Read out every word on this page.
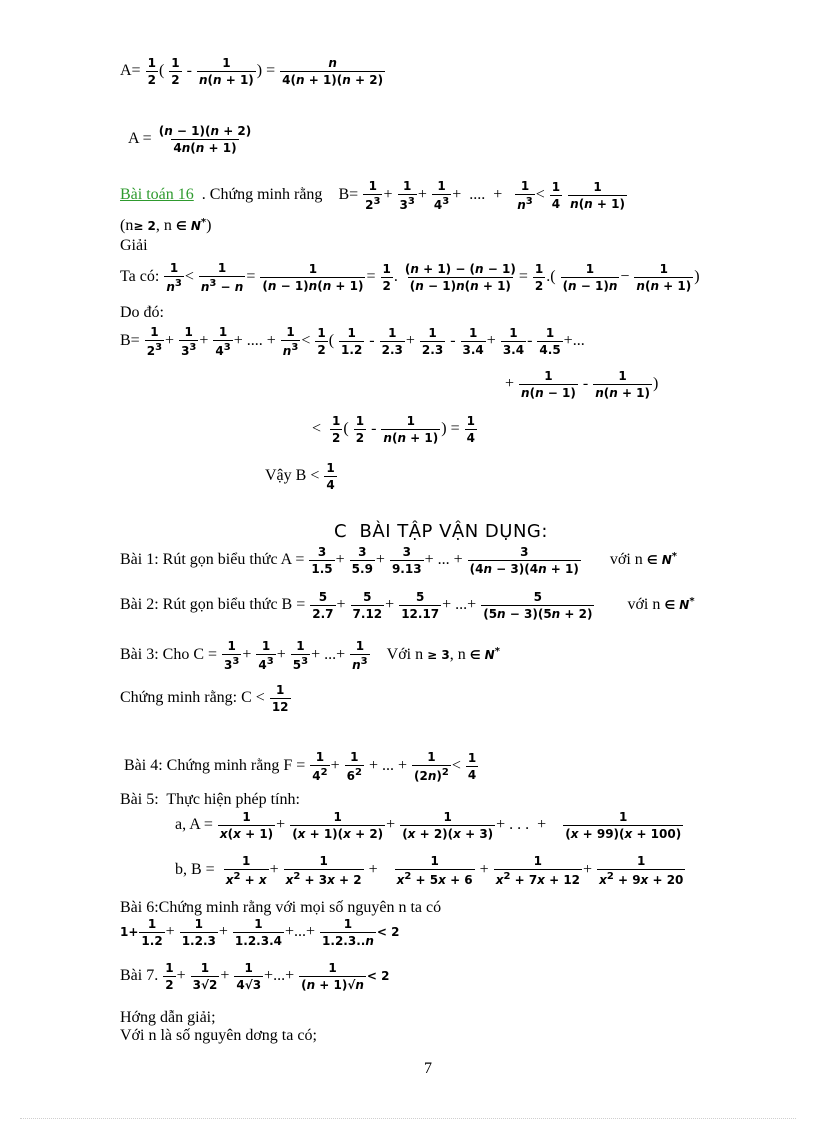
$A= \frac{1}{2}$ ( $\frac{1}{2} - \frac{1}{n(n + 1)}$ ) = $\frac{n}{4(n + 1)(n + 2)}$
$A = \frac{(n - 1)(n + 2)}{4n(n + 1)}$
Bài toán 16 . Chứng minh rằng $B= \frac{1}{2^3} + \frac{1}{3^3} + \frac{1}{4^3}$ +  ....  + $\frac{1}{n^3} < \frac{1}{4}$
$\frac{1}{n(n + 1)}$
(n≥ 2, n ∈ N*)
Giải
Ta có: $\frac{1}{n^3} < \frac{1}{n^3 - n} = \frac{1}{(n - 1)n(n + 1)} = \frac{1}{2}$ . $\frac{(n + 1) - (n - 1)}{(n - 1)n(n + 1)} = \frac{1}{2}$ .( $\frac{1}{(n - 1)n} - \frac{1}{n(n + 1)}$ )
Do đó:
$B= \frac{1}{2^3} + \frac{1}{3^3} + \frac{1}{4^3}$ + .... + $\frac{1}{n^3} < \frac{1}{2}$ ( $\frac{1}{1.2} - \frac{1}{2.3} + \frac{1}{2.3} - \frac{1}{3.4} + \frac{1}{3.4} - \frac{1}{4.5}$ +...
+ $\frac{1}{n(n - 1)} - \frac{1}{n(n + 1)}$ )
< $\frac{1}{2}$ ( $\frac{1}{2} - \frac{1}{n(n + 1)}$ ) = $\frac{1}{4}$
Vậy $B < \frac{1}{4}$
C BÀI TẬP VẬN DỤNG:
Bài 1: Rút gọn biểu thức $A = \frac{3}{1.5} + \frac{3}{5.9} + \frac{3}{9.13}$ + ... + $\frac{3}{(4n - 3)(4n + 1)}$ với n ∈ N*
Bài 2: Rút gọn biểu thức $B = \frac{5}{2.7} + \frac{5}{7.12} + \frac{5}{12.17}$ + ...+ $\frac{5}{(5n - 3)(5n + 2)}$ với n ∈ N*
Bài 3: Cho $C = \frac{1}{3^3} + \frac{1}{4^3} + \frac{1}{5^3}$ + ...+ $\frac{1}{n^3}$ Với n ≥ 3, n ∈ N*
Chứng minh rằng: $C < \frac{1}{12}$
Bài 4: Chứng minh rằng $F = \frac{1}{4^2} + \frac{1}{6^2}$ + ... + $\frac{1}{(2n)^2} < \frac{1}{4}$
Bài 5: Thực hiện phép tính:
a, $A = \frac{1}{x(x + 1)} + \frac{1}{(x + 1)(x + 2)} + \frac{1}{(x + 2)(x + 3)}$ + . . .  + $\frac{1}{(x + 99)(x + 100)}$
b, $B = \frac{1}{x^2 + x} + \frac{1}{x^2 + 3x + 2} + \frac{1}{x^2 + 5x + 6} + \frac{1}{x^2 + 7x + 12} + \frac{1}{x^2 + 9x + 20}$
Bài 6:Chứng minh rằng với mọi số nguyên n ta có
$1+ \frac{1}{1.2} + \frac{1}{1.2.3} + \frac{1}{1.2.3.4}$ +...+ $\frac{1}{1.2.3..n} < 2$
Bài 7. $\frac{1}{2} + \frac{1}{3√2} + \frac{1}{4√3}$ +...+ $\frac{1}{(n + 1)√n} < 2$
Hớng dẫn giải;
Với n là số nguyên dơng ta có;
7
